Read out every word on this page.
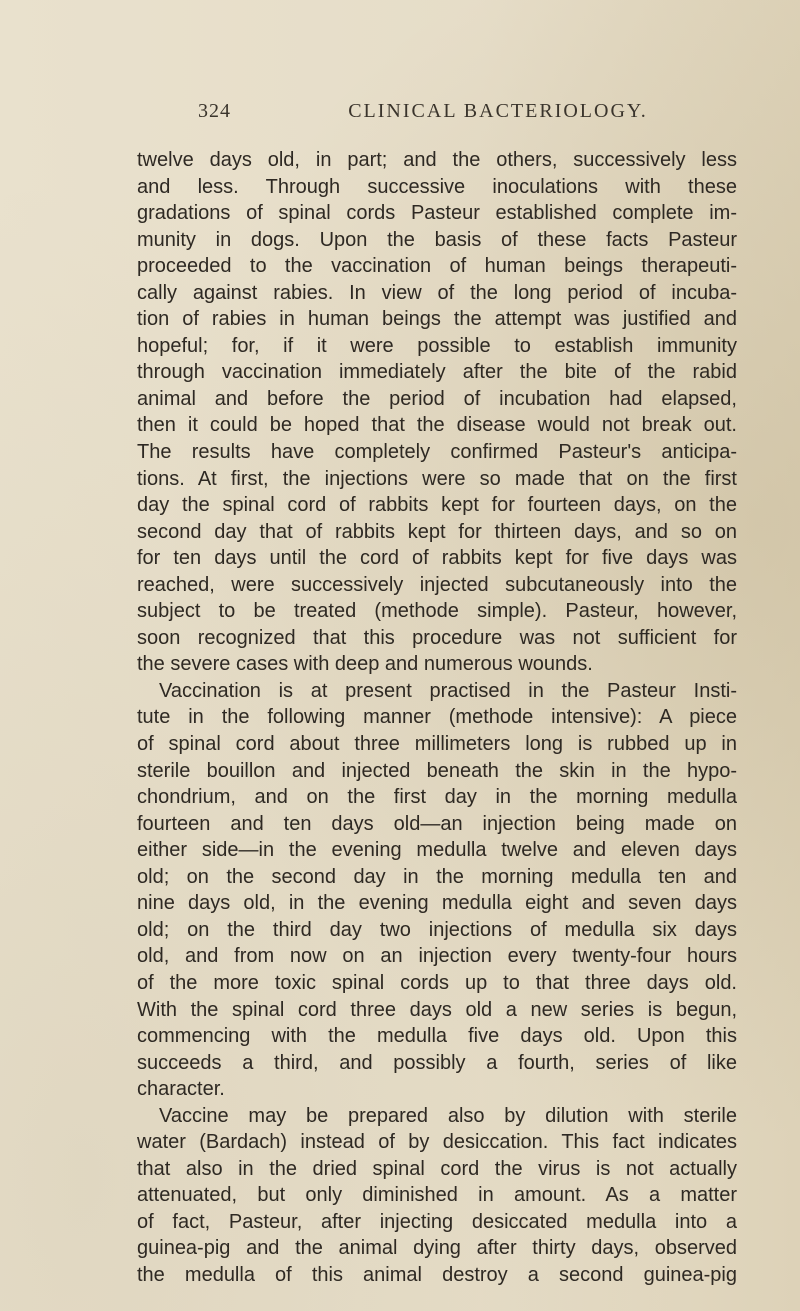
324	CLINICAL BACTERIOLOGY.
twelve days old, in part; and the others, successively less
and less. Through successive inoculations with these
gradations of spinal cords Pasteur established complete im-
munity in dogs. Upon the basis of these facts Pasteur
proceeded to the vaccination of human beings therapeuti-
cally against rabies. In view of the long period of incuba-
tion of rabies in human beings the attempt was justified and
hopeful; for, if it were possible to establish immunity
through vaccination immediately after the bite of the rabid
animal and before the period of incubation had elapsed,
then it could be hoped that the disease would not break out.
The results have completely confirmed Pasteur's anticipa-
tions. At first, the injections were so made that on the first
day the spinal cord of rabbits kept for fourteen days, on the
second day that of rabbits kept for thirteen days, and so on
for ten days until the cord of rabbits kept for five days was
reached, were successively injected subcutaneously into the
subject to be treated (methode simple). Pasteur, however,
soon recognized that this procedure was not sufficient for
the severe cases with deep and numerous wounds.
Vaccination is at present practised in the Pasteur Insti-
tute in the following manner (methode intensive): A piece
of spinal cord about three millimeters long is rubbed up in
sterile bouillon and injected beneath the skin in the hypo-
chondrium, and on the first day in the morning medulla
fourteen and ten days old—an injection being made on
either side—in the evening medulla twelve and eleven days
old; on the second day in the morning medulla ten and
nine days old, in the evening medulla eight and seven days
old; on the third day two injections of medulla six days
old, and from now on an injection every twenty-four hours
of the more toxic spinal cords up to that three days old.
With the spinal cord three days old a new series is begun,
commencing with the medulla five days old. Upon this
succeeds a third, and possibly a fourth, series of like
character.
Vaccine may be prepared also by dilution with sterile
water (Bardach) instead of by desiccation. This fact indicates
that also in the dried spinal cord the virus is not actually
attenuated, but only diminished in amount. As a matter
of fact, Pasteur, after injecting desiccated medulla into a
guinea-pig and the animal dying after thirty days, observed
the medulla of this animal destroy a second guinea-pig
